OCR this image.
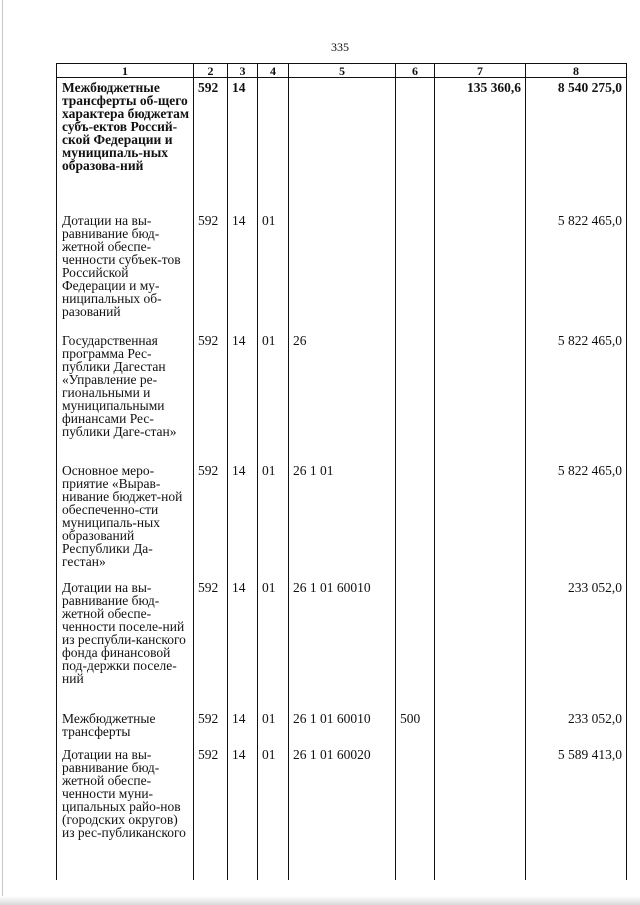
335
1	2	3	4	5	6	7	8
Межбюджетные трансферты об-щего характера бюджетам субъ-ектов Россий-ской Федерации и муниципаль-ных образова-ний	592	14				135 360,6	8 540 275,0
Дотации на вы-равнивание бюд-жетной обеспе-ченности субъек-тов Российской Федерации и му-ниципальных об-разований	592	14	01				5 822 465,0
Государственная программа Рес-публики Дагестан «Управление ре-гиональными и муниципальными финансами Рес-публики Даге-стан»	592	14	01	26			5 822 465,0
Основное меро-приятие «Вырав-нивание бюджет-ной обеспеченно-сти муниципаль-ных образований Республики Да-гестан»	592	14	01	26 1 01			5 822 465,0
Дотации на вы-равнивание бюд-жетной обеспе-ченности поселе-ний из республи-канского фонда финансовой под-держки поселе-ний	592	14	01	26 1 01 60010			233 052,0
Межбюджетные трансферты	592	14	01	26 1 01 60010	500		233 052,0
Дотации на вы-равнивание бюд-жетной обеспе-ченности муни-ципальных райо-нов (городских округов) из рес-публиканского	592	14	01	26 1 01 60020			5 589 413,0
